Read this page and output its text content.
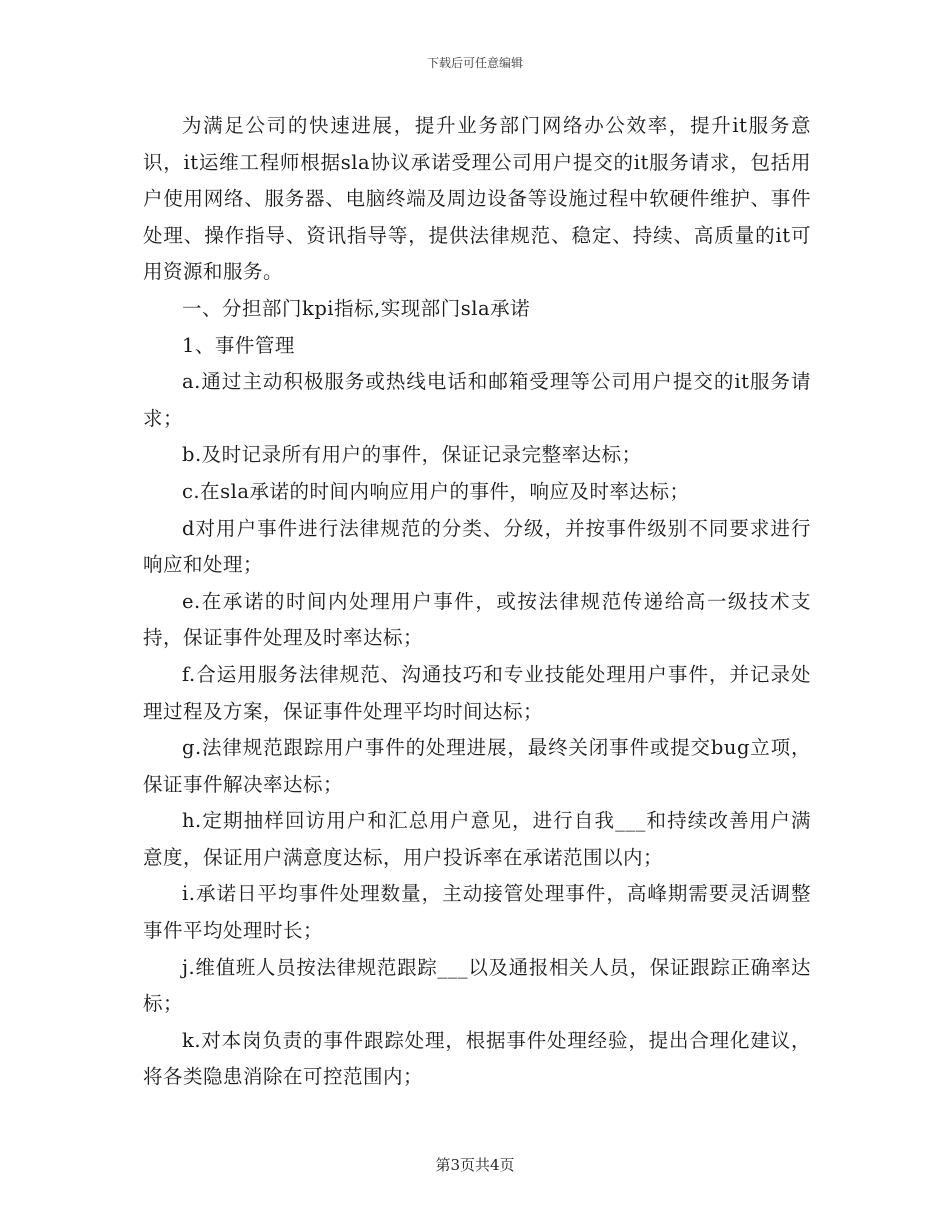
下载后可任意编辑

为满足公司的快速进展，提升业务部门网络办公效率，提升it服务意识，it运维工程师根据sla协议承诺受理公司用户提交的it服务请求，包括用户使用网络、服务器、电脑终端及周边设备等设施过程中软硬件维护、事件处理、操作指导、资讯指导等，提供法律规范、稳定、持续、高质量的it可用资源和服务。

一、分担部门kpi指标,实现部门sla承诺

1、事件管理

a.通过主动积极服务或热线电话和邮箱受理等公司用户提交的it服务请求；

b.及时记录所有用户的事件，保证记录完整率达标；

c.在sla承诺的时间内响应用户的事件，响应及时率达标；

d对用户事件进行法律规范的分类、分级，并按事件级别不同要求进行响应和处理；

e.在承诺的时间内处理用户事件，或按法律规范传递给高一级技术支持，保证事件处理及时率达标；

f.合运用服务法律规范、沟通技巧和专业技能处理用户事件，并记录处理过程及方案，保证事件处理平均时间达标；

g.法律规范跟踪用户事件的处理进展，最终关闭事件或提交bug立项，保证事件解决率达标；

h.定期抽样回访用户和汇总用户意见，进行自我___和持续改善用户满意度，保证用户满意度达标，用户投诉率在承诺范围以内；

i.承诺日平均事件处理数量，主动接管处理事件，高峰期需要灵活调整事件平均处理时长；

j.维值班人员按法律规范跟踪___以及通报相关人员，保证跟踪正确率达标；

k.对本岗负责的事件跟踪处理，根据事件处理经验，提出合理化建议，将各类隐患消除在可控范围内；

第3页共4页
